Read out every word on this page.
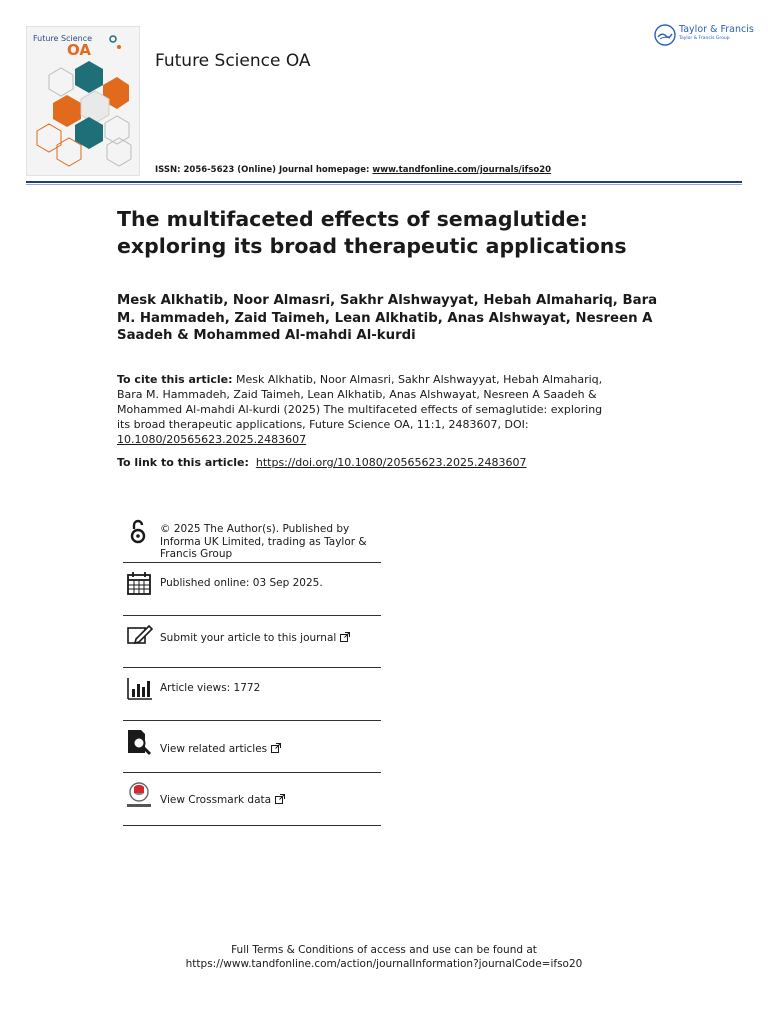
Future Science
OA
Future Science OA
Taylor & Francis
Taylor & Francis Group
ISSN: 2056-5623 (Online) Journal homepage: www.tandfonline.com/journals/ifso20
The multifaceted effects of semaglutide: exploring its broad therapeutic applications
Mesk Alkhatib, Noor Almasri, Sakhr Alshwayyat, Hebah Almahariq, Bara M. Hammadeh, Zaid Taimeh, Lean Alkhatib, Anas Alshwayat, Nesreen A Saadeh & Mohammed Al-mahdi Al-kurdi
To cite this article: Mesk Alkhatib, Noor Almasri, Sakhr Alshwayyat, Hebah Almahariq, Bara M. Hammadeh, Zaid Taimeh, Lean Alkhatib, Anas Alshwayat, Nesreen A Saadeh & Mohammed Al-mahdi Al-kurdi (2025) The multifaceted effects of semaglutide: exploring its broad therapeutic applications, Future Science OA, 11:1, 2483607, DOI: 10.1080/20565623.2025.2483607
To link to this article: https://doi.org/10.1080/20565623.2025.2483607
© 2025 The Author(s). Published by Informa UK Limited, trading as Taylor & Francis Group
Published online: 03 Sep 2025.
Submit your article to this journal
Article views: 1772
View related articles
View Crossmark data
Full Terms & Conditions of access and use can be found at
https://www.tandfonline.com/action/journalInformation?journalCode=ifso20
